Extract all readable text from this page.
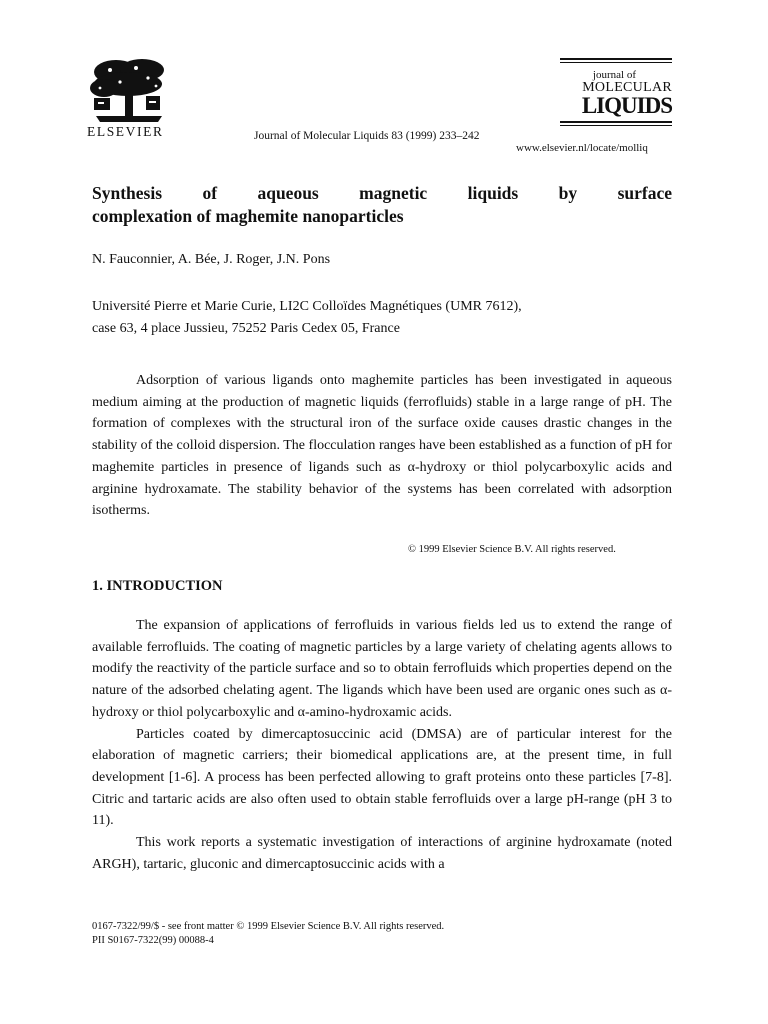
ELSEVIER	Journal of Molecular Liquids 83 (1999) 233–242
journal of
MOLECULAR
LIQUIDS
www.elsevier.nl/locate/molliq
Synthesis of aqueous magnetic liquids by surface
complexation of maghemite nanoparticles
N. Fauconnier, A. Bée, J. Roger, J.N. Pons
Université Pierre et Marie Curie, LI2C Colloïdes Magnétiques (UMR 7612),
case 63, 4 place Jussieu, 75252 Paris Cedex 05, France

Adsorption of various ligands onto maghemite particles has been investigated in aqueous medium aiming at the production of magnetic liquids (ferrofluids) stable in a large range of pH. The formation of complexes with the structural iron of the surface oxide causes drastic changes in the stability of the colloid dispersion. The flocculation ranges have been established as a function of pH for maghemite particles in presence of ligands such as α-hydroxy or thiol polycarboxylic acids and arginine hydroxamate. The stability behavior of the systems has been correlated with adsorption isotherms.

© 1999 Elsevier Science B.V. All rights reserved.
1. INTRODUCTION

The expansion of applications of ferrofluids in various fields led us to extend the range of available ferrofluids. The coating of magnetic particles by a large variety of chelating agents allows to modify the reactivity of the particle surface and so to obtain ferrofluids which properties depend on the nature of the adsorbed chelating agent. The ligands which have been used are organic ones such as α-hydroxy or thiol polycarboxylic and α-amino-hydroxamic acids.

Particles coated by dimercaptosuccinic acid (DMSA) are of particular interest for the elaboration of magnetic carriers; their biomedical applications are, at the present time, in full development [1-6]. A process has been perfected allowing to graft proteins onto these particles [7-8]. Citric and tartaric acids are also often used to obtain stable ferrofluids over a large pH-range (pH 3 to 11).

This work reports a systematic investigation of interactions of arginine hydroxamate (noted ARGH), tartaric, gluconic and dimercaptosuccinic acids with a

0167-7322/99/$ - see front matter © 1999 Elsevier Science B.V. All rights reserved.
PII S0167-7322(99) 00088-4
